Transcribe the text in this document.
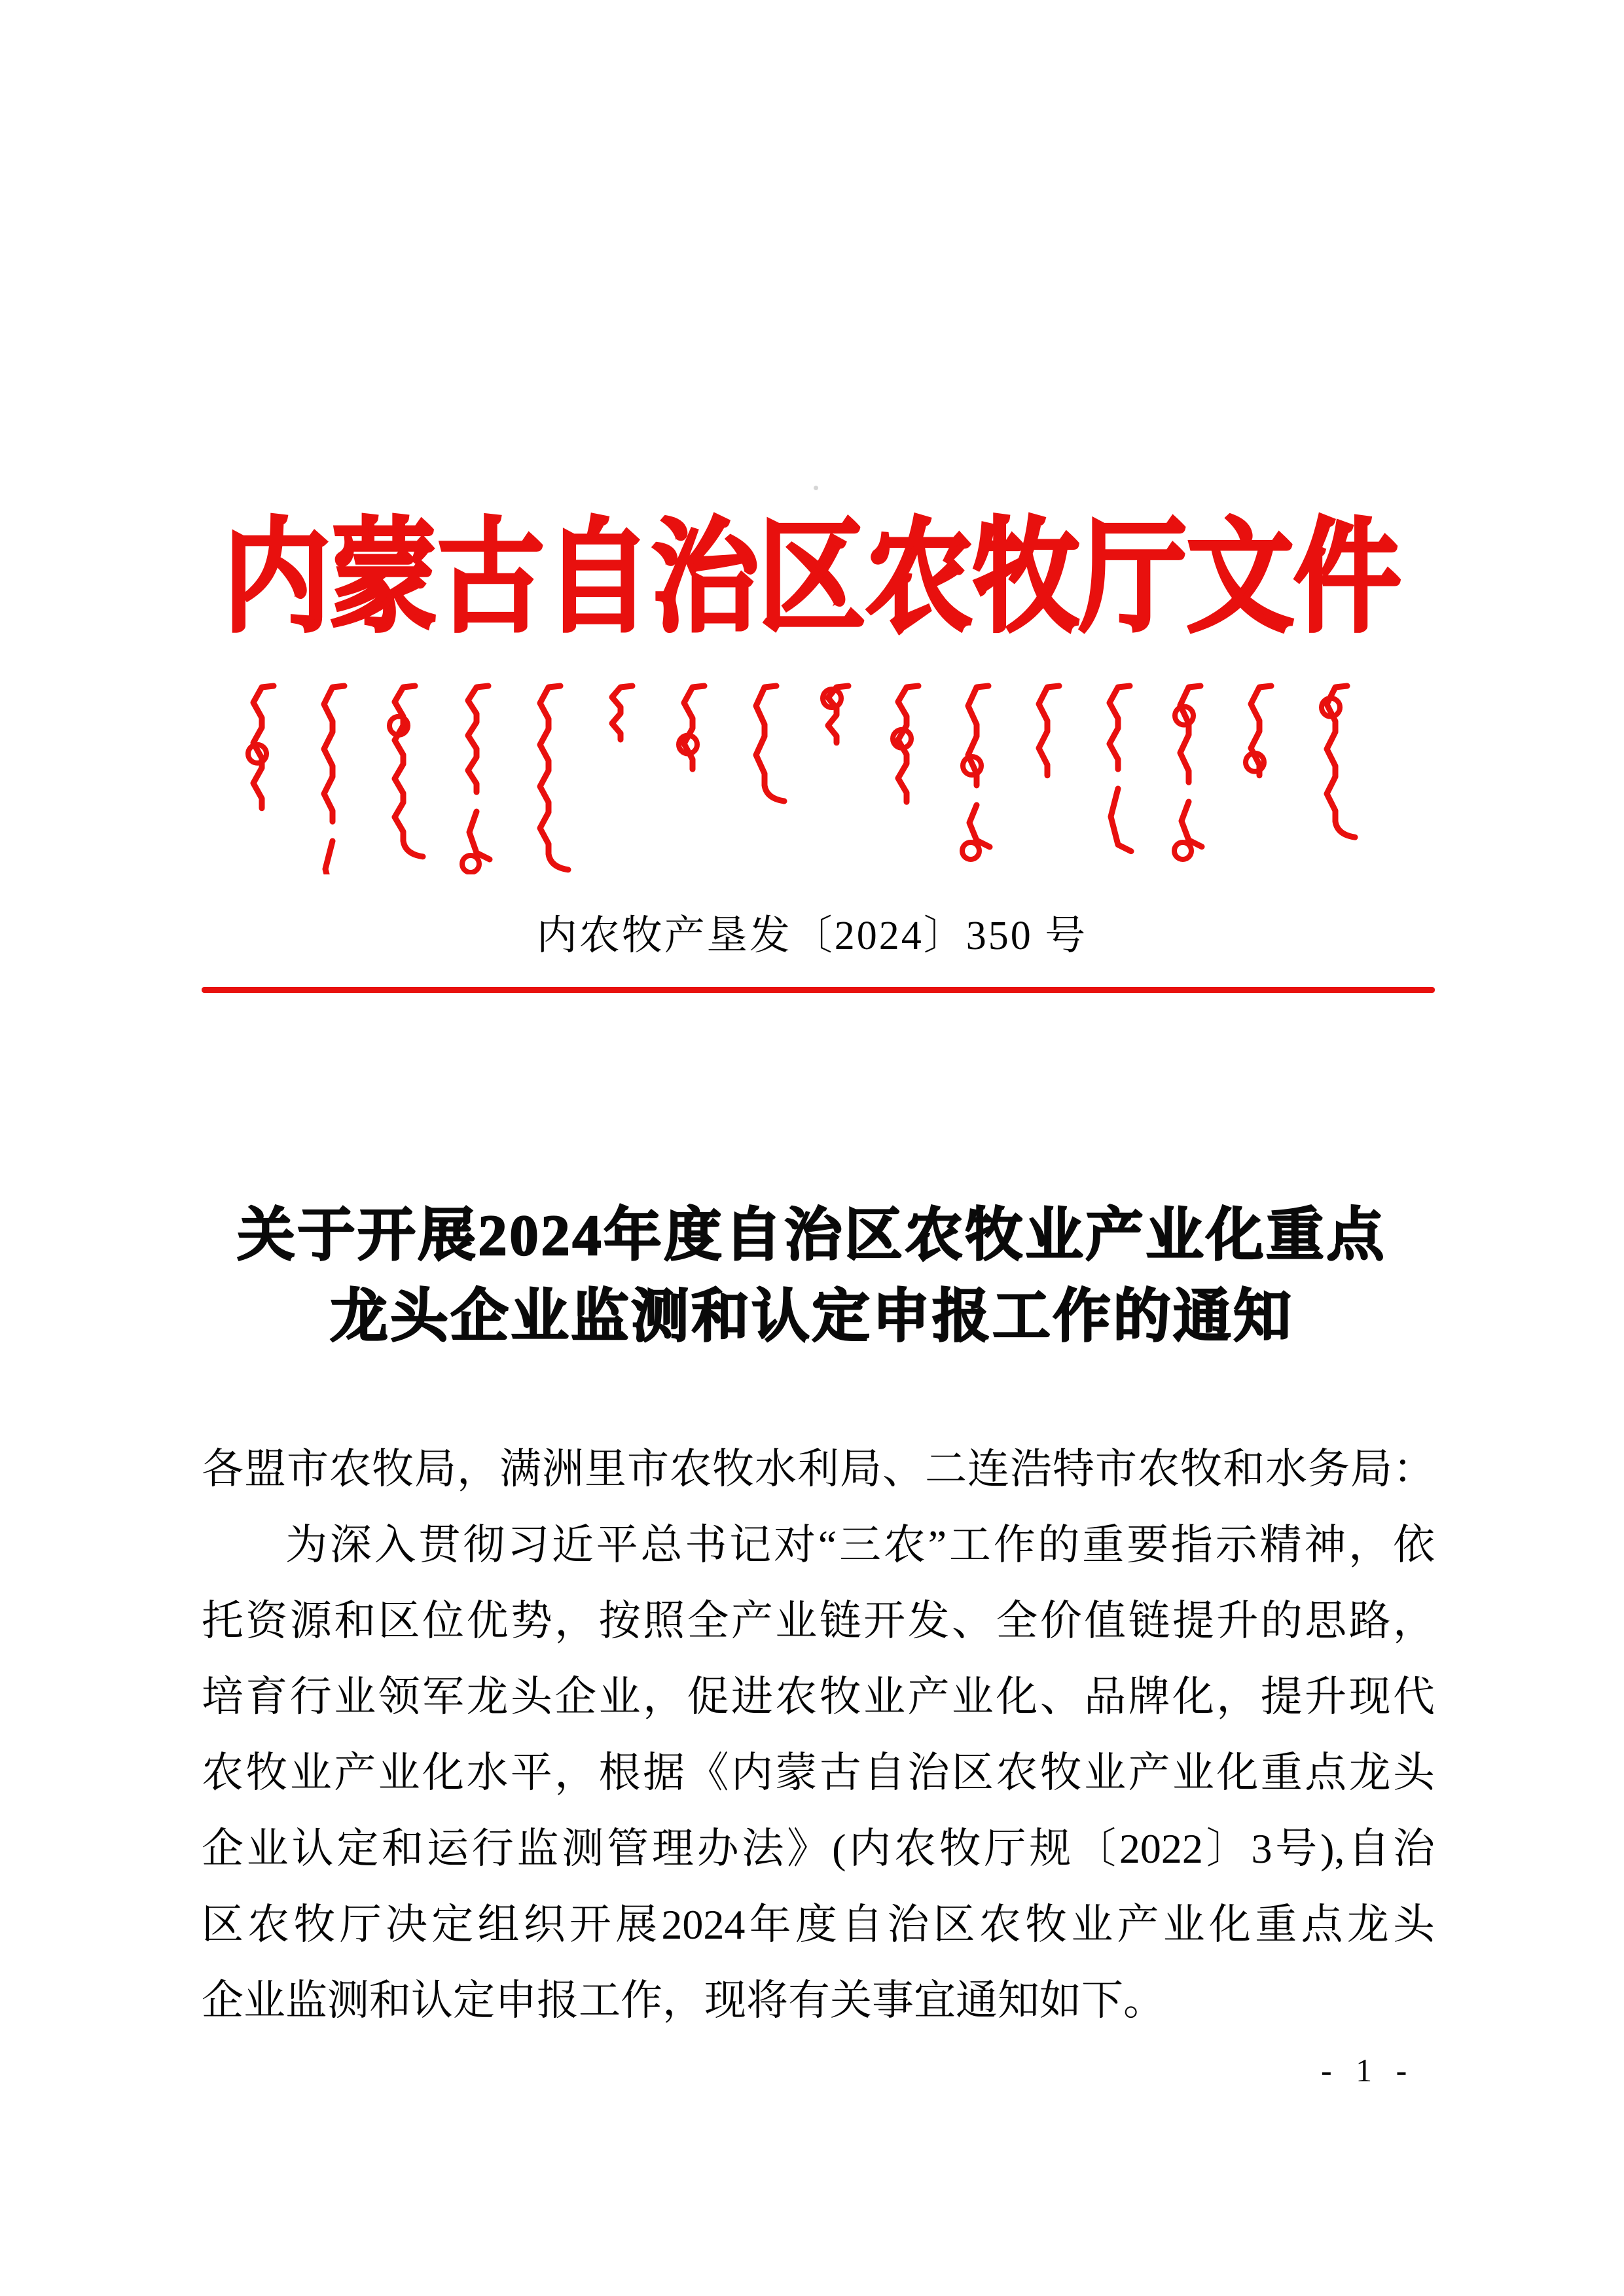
内蒙古自治区农牧厅文件
内农牧产垦发〔2024〕350 号
关于开展2024年度自治区农牧业产业化重点
龙头企业监测和认定申报工作的通知
各盟市农牧局，满洲里市农牧水利局、二连浩特市农牧和水务局：
为深入贯彻习近平总书记对“三农”工作的重要指示精神，依
托资源和区位优势，按照全产业链开发、全价值链提升的思路，
培育行业领军龙头企业，促进农牧业产业化、品牌化，提升现代
农牧业产业化水平，根据《内蒙古自治区农牧业产业化重点龙头
企业认定和运行监测管理办法》(内农牧厅规〔2022〕3号),自治
区农牧厅决定组织开展2024年度自治区农牧业产业化重点龙头
企业监测和认定申报工作，现将有关事宜通知如下。
- 1 -
